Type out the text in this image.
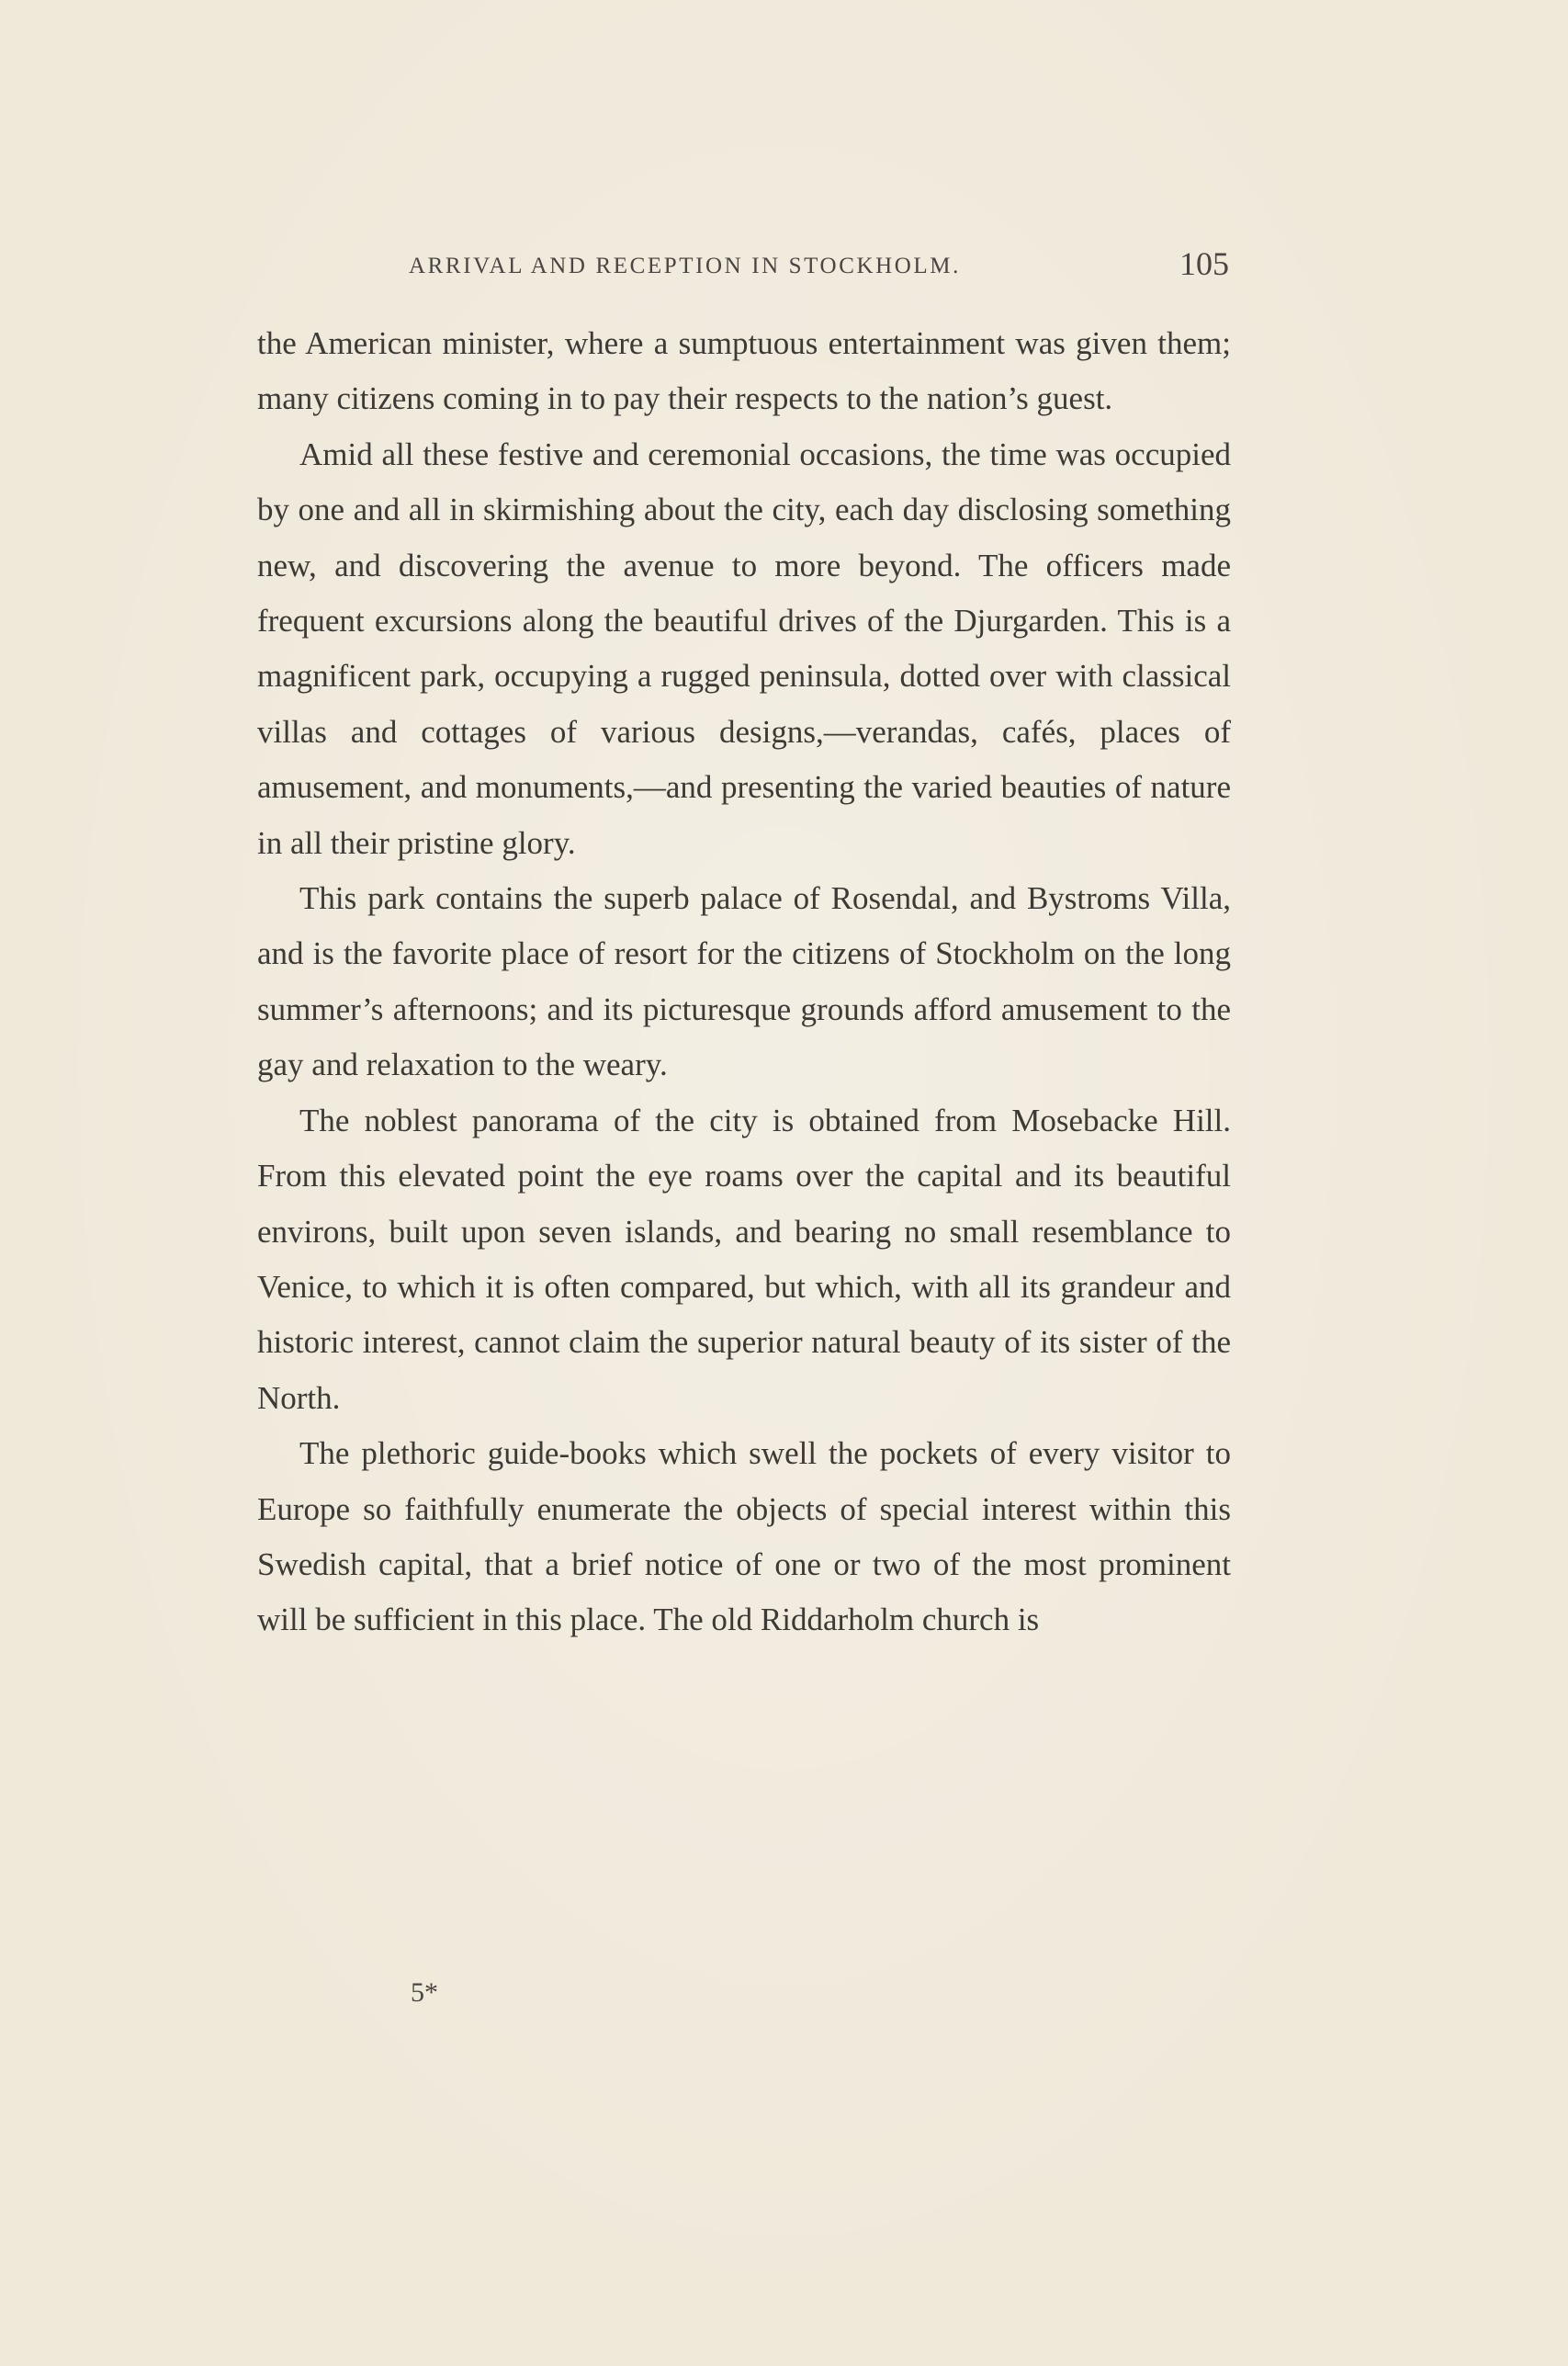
ARRIVAL AND RECEPTION IN STOCKHOLM.	105

the American minister, where a sumptuous entertainment was given them; many citizens coming in to pay their respects to the nation’s guest.

Amid all these festive and ceremonial occasions, the time was occupied by one and all in skirmishing about the city, each day disclosing something new, and discovering the avenue to more beyond. The officers made frequent excursions along the beautiful drives of the Djurgarden. This is a magnificent park, occupying a rugged peninsula, dotted over with classical villas and cottages of various designs,—verandas, cafés, places of amusement, and monuments,—and presenting the varied beauties of nature in all their pristine glory.

This park contains the superb palace of Rosendal, and Bystroms Villa, and is the favorite place of resort for the citizens of Stockholm on the long summer’s afternoons; and its picturesque grounds afford amusement to the gay and relaxation to the weary.

The noblest panorama of the city is obtained from Mosebacke Hill. From this elevated point the eye roams over the capital and its beautiful environs, built upon seven islands, and bearing no small resemblance to Venice, to which it is often compared, but which, with all its grandeur and historic interest, cannot claim the superior natural beauty of its sister of the North.

The plethoric guide-books which swell the pockets of every visitor to Europe so faithfully enumerate the objects of special interest within this Swedish capital, that a brief notice of one or two of the most prominent will be sufficient in this place. The old Riddarholm church is

5*
